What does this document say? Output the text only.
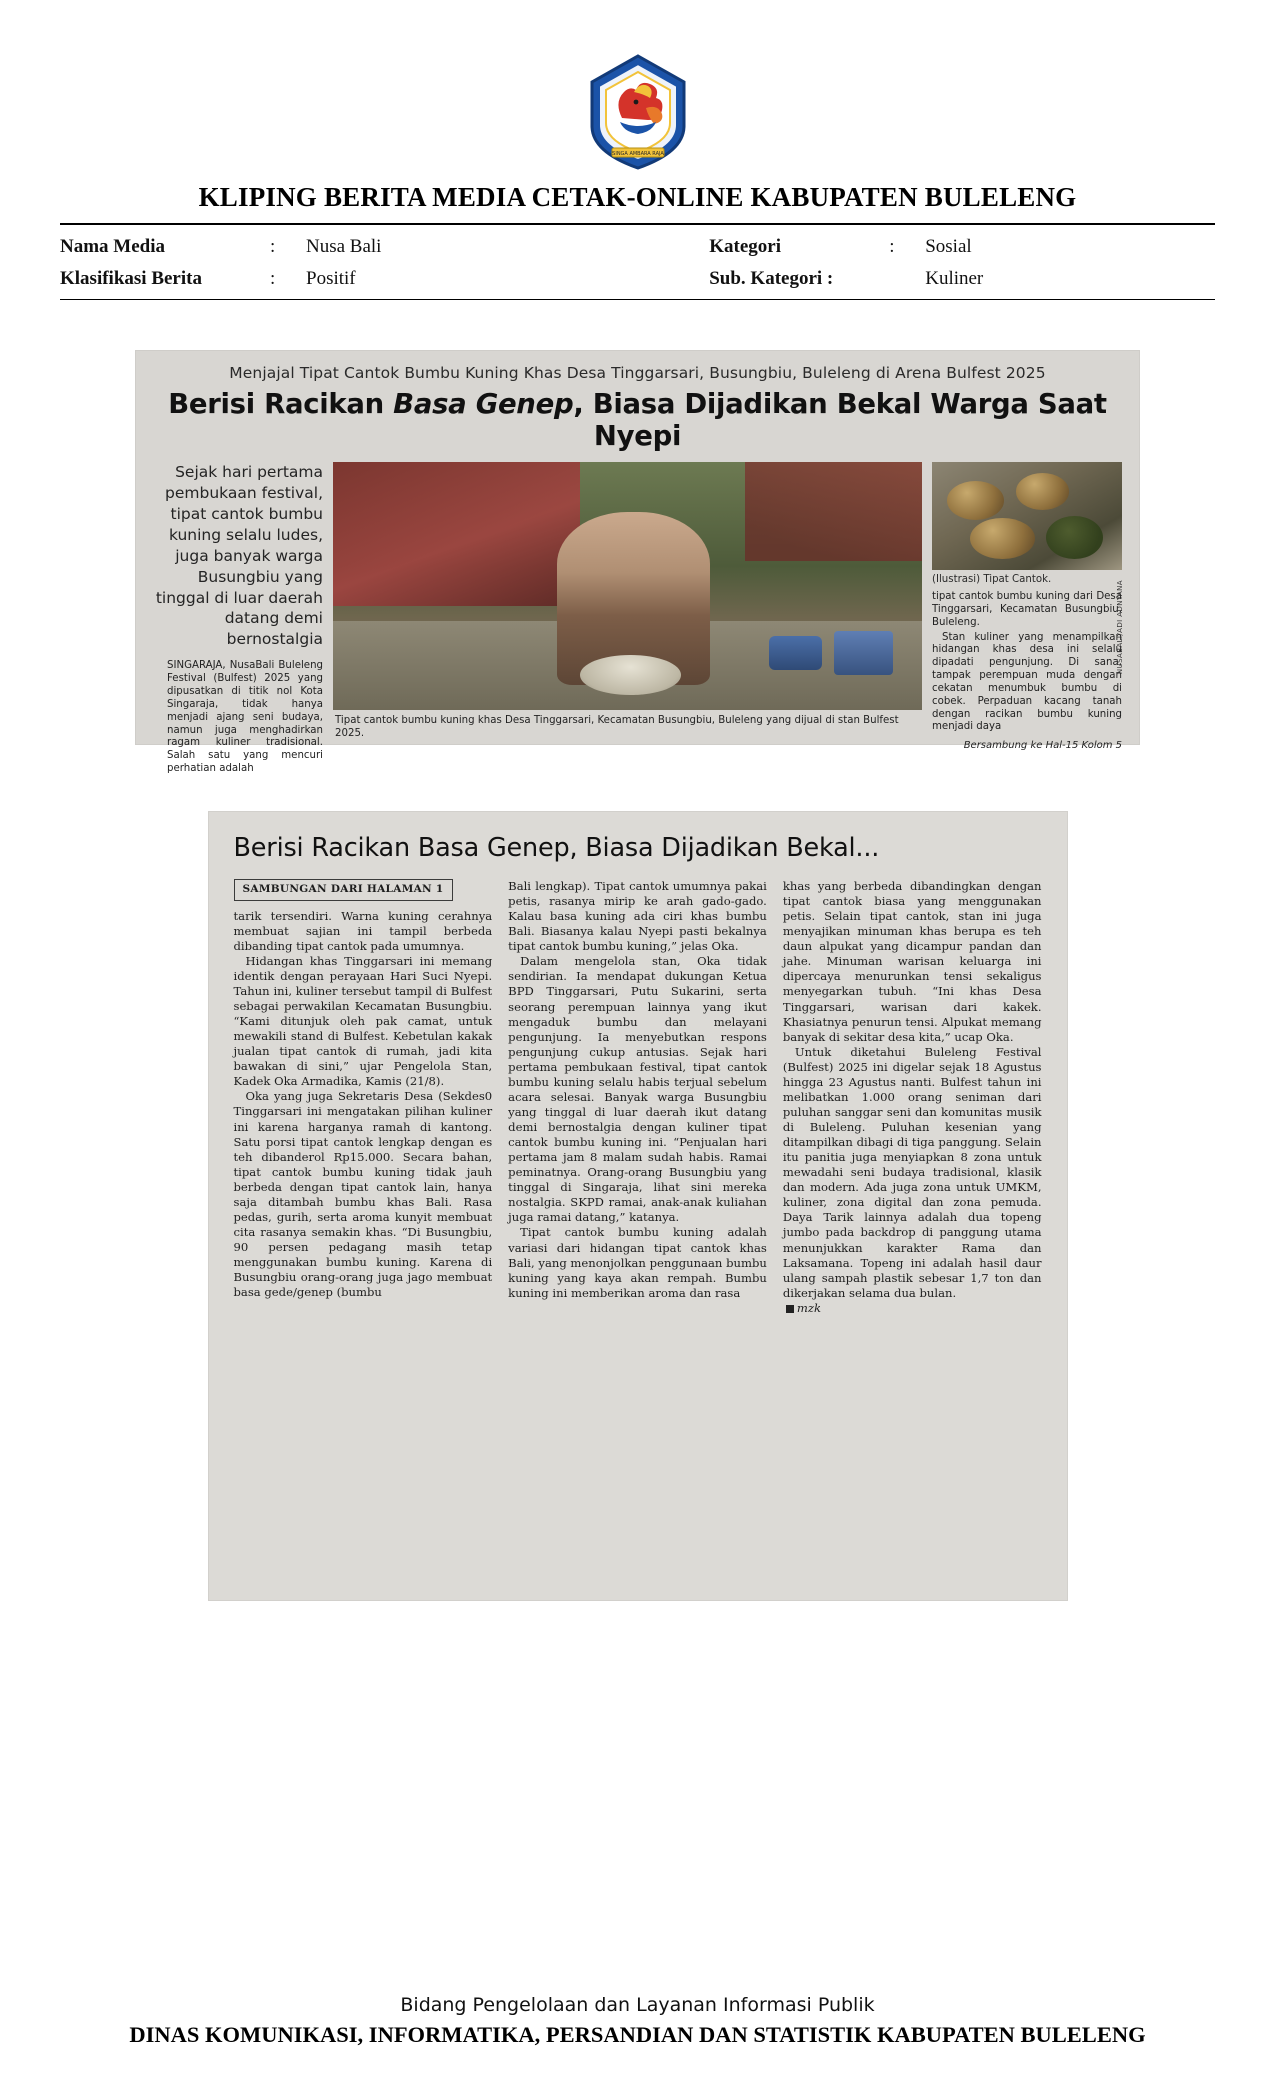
SINGA AMBARA RAJA
KLIPING BERITA MEDIA CETAK-ONLINE KABUPATEN BULELENG
Nama Media	:	Nusa Bali	Kategori	:	Sosial
Klasifikasi Berita	:	Positif	Sub. Kategori :		Kuliner
Menjajal Tipat Cantok Bumbu Kuning Khas Desa Tinggarsari, Busungbiu, Buleleng di Arena Bulfest 2025
Berisi Racikan Basa Genep, Biasa Dijadikan Bekal Warga Saat Nyepi
Sejak hari pertama pembukaan festival, tipat cantok bumbu kuning selalu ludes, juga banyak warga Busungbiu yang tinggal di luar daerah datang demi bernostalgia
SINGARAJA, NusaBali Buleleng Festival (Bulfest) 2025 yang dipusatkan di titik nol Kota Singaraja, tidak hanya menjadi ajang seni budaya, namun juga menghadirkan ragam kuliner tradisional. Salah satu yang mencuri perhatian adalah
Tipat cantok bumbu kuning khas Desa Tinggarsari, Kecamatan Busungbiu, Buleleng yang dijual di stan Bulfest 2025.
(Ilustrasi) Tipat Cantok.

tipat cantok bumbu kuning dari Desa Tinggarsari, Kecamatan Busungbiu, Buleleng.

Stan kuliner yang menampilkan hidangan khas desa ini selalu dipadati pengunjung. Di sana, tampak perempuan muda dengan cekatan menumbuk bumbu di cobek. Perpaduan kacang tanah dengan racikan bumbu kuning menjadi daya

Bersambung ke Hal-15 Kolom 5
NUSABALI/ADI ADNYANA
Berisi Racikan Basa Genep, Biasa Dijadikan Bekal...
SAMBUNGAN DARI HALAMAN 1

tarik tersendiri. Warna kuning cerahnya membuat sajian ini tampil berbeda dibanding tipat cantok pada umumnya.

Hidangan khas Tinggarsari ini memang identik dengan perayaan Hari Suci Nyepi. Tahun ini, kuliner tersebut tampil di Bulfest sebagai perwakilan Kecamatan Busungbiu. “Kami ditunjuk oleh pak camat, untuk mewakili stand di Bulfest. Kebetulan kakak jualan tipat cantok di rumah, jadi kita bawakan di sini,” ujar Pengelola Stan, Kadek Oka Armadika, Kamis (21/8).

Oka yang juga Sekretaris Desa (Sekdes0 Tinggarsari ini mengatakan pilihan kuliner ini karena harganya ramah di kantong. Satu porsi tipat cantok lengkap dengan es teh dibanderol Rp15.000. Secara bahan, tipat cantok bumbu kuning tidak jauh berbeda dengan tipat cantok lain, hanya saja ditambah bumbu khas Bali. Rasa pedas, gurih, serta aroma kunyit membuat cita rasanya semakin khas. “Di Busungbiu, 90 persen pedagang masih tetap menggunakan bumbu kuning. Karena di Busungbiu orang-orang juga jago membuat basa gede/genep (bumbu

Bali lengkap). Tipat cantok umumnya pakai petis, rasanya mirip ke arah gado-gado. Kalau basa kuning ada ciri khas bumbu Bali. Biasanya kalau Nyepi pasti bekalnya tipat cantok bumbu kuning,” jelas Oka.

Dalam mengelola stan, Oka tidak sendirian. Ia mendapat dukungan Ketua BPD Tinggarsari, Putu Sukarini, serta seorang perempuan lainnya yang ikut mengaduk bumbu dan melayani pengunjung. Ia menyebutkan respons pengunjung cukup antusias. Sejak hari pertama pembukaan festival, tipat cantok bumbu kuning selalu habis terjual sebelum acara selesai. Banyak warga Busungbiu yang tinggal di luar daerah ikut datang demi bernostalgia dengan kuliner tipat cantok bumbu kuning ini. “Penjualan hari pertama jam 8 malam sudah habis. Ramai peminatnya. Orang-orang Busungbiu yang tinggal di Singaraja, lihat sini mereka nostalgia. SKPD ramai, anak-anak kuliahan juga ramai datang,” katanya.

Tipat cantok bumbu kuning adalah variasi dari hidangan tipat cantok khas Bali, yang menonjolkan penggunaan bumbu kuning yang kaya akan rempah. Bumbu kuning ini memberikan aroma dan rasa

khas yang berbeda dibandingkan dengan tipat cantok biasa yang menggunakan petis. Selain tipat cantok, stan ini juga menyajikan minuman khas berupa es teh daun alpukat yang dicampur pandan dan jahe. Minuman warisan keluarga ini dipercaya menurunkan tensi sekaligus menyegarkan tubuh. “Ini khas Desa Tinggarsari, warisan dari kakek. Khasiatnya penurun tensi. Alpukat memang banyak di sekitar desa kita,” ucap Oka.

Untuk diketahui Buleleng Festival (Bulfest) 2025 ini digelar sejak 18 Agustus hingga 23 Agustus nanti. Bulfest tahun ini melibatkan 1.000 orang seniman dari puluhan sanggar seni dan komunitas musik di Buleleng. Puluhan kesenian yang ditampilkan dibagi di tiga panggung. Selain itu panitia juga menyiapkan 8 zona untuk mewadahi seni budaya tradisional, klasik dan modern. Ada juga zona untuk UMKM, kuliner, zona digital dan zona pemuda. Daya Tarik lainnya adalah dua topeng jumbo pada backdrop di panggung utama menunjukkan karakter Rama dan Laksamana. Topeng ini adalah hasil daur ulang sampah plastik sebesar 1,7 ton dan dikerjakan selama dua bulan.

mzk

Bidang Pengelolaan dan Layanan Informasi Publik
DINAS KOMUNIKASI, INFORMATIKA, PERSANDIAN DAN STATISTIK KABUPATEN BULELENG
